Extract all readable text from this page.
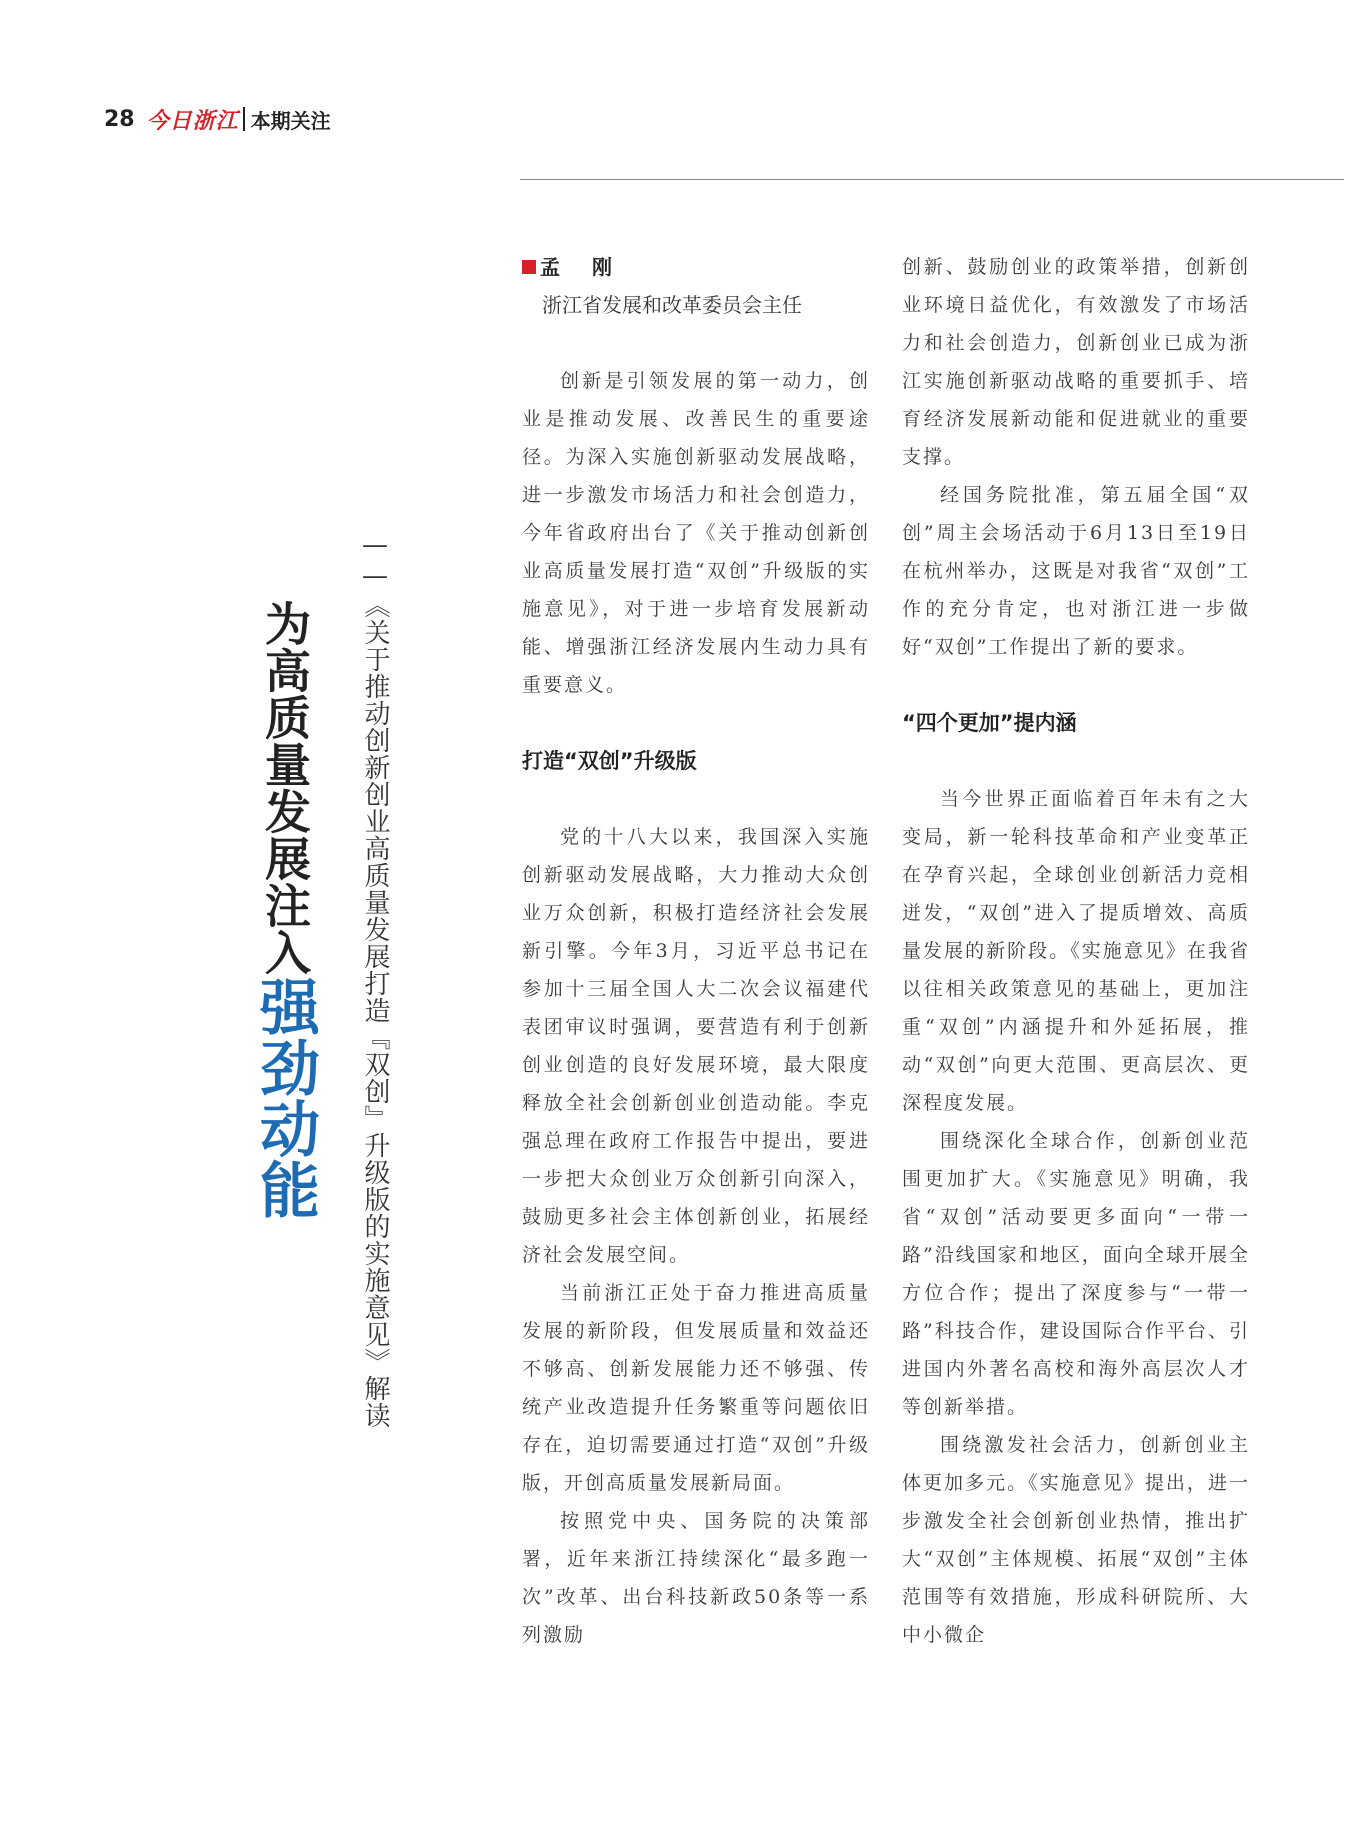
28 今日浙江 本期关注
为高质量发展注入强劲动能 ——《关于推动创新创业高质量发展打造『双创』升级版的实施意见》解读
孟　刚
浙江省发展和改革委员会主任

创新是引领发展的第一动力，创业是推动发展、改善民生的重要途径。为深入实施创新驱动发展战略，进一步激发市场活力和社会创造力，今年省政府出台了《关于推动创新创业高质量发展打造“双创”升级版的实施意见》，对于进一步培育发展新动能、增强浙江经济发展内生动力具有重要意义。

打造“双创”升级版

党的十八大以来，我国深入实施创新驱动发展战略，大力推动大众创业万众创新，积极打造经济社会发展新引擎。今年3月，习近平总书记在参加十三届全国人大二次会议福建代表团审议时强调，要营造有利于创新创业创造的良好发展环境，最大限度释放全社会创新创业创造动能。李克强总理在政府工作报告中提出，要进一步把大众创业万众创新引向深入，鼓励更多社会主体创新创业，拓展经济社会发展空间。

当前浙江正处于奋力推进高质量发展的新阶段，但发展质量和效益还不够高、创新发展能力还不够强、传统产业改造提升任务繁重等问题依旧存在，迫切需要通过打造“双创”升级版，开创高质量发展新局面。

按照党中央、国务院的决策部署，近年来浙江持续深化“最多跑一次”改革、出台科技新政50条等一系列激励

创新、鼓励创业的政策举措，创新创业环境日益优化，有效激发了市场活力和社会创造力，创新创业已成为浙江实施创新驱动战略的重要抓手、培育经济发展新动能和促进就业的重要支撑。

经国务院批准，第五届全国“双创”周主会场活动于6月13日至19日在杭州举办，这既是对我省“双创”工作的充分肯定，也对浙江进一步做好“双创”工作提出了新的要求。

“四个更加”提内涵

当今世界正面临着百年未有之大变局，新一轮科技革命和产业变革正在孕育兴起，全球创业创新活力竞相迸发，“双创”进入了提质增效、高质量发展的新阶段。《实施意见》在我省以往相关政策意见的基础上，更加注重“双创”内涵提升和外延拓展，推动“双创”向更大范围、更高层次、更深程度发展。

围绕深化全球合作，创新创业范围更加扩大。《实施意见》明确，我省“双创”活动要更多面向“一带一路”沿线国家和地区，面向全球开展全方位合作；提出了深度参与“一带一路”科技合作，建设国际合作平台、引进国内外著名高校和海外高层次人才等创新举措。

围绕激发社会活力，创新创业主体更加多元。《实施意见》提出，进一步激发全社会创新创业热情，推出扩大“双创”主体规模、拓展“双创”主体范围等有效措施，形成科研院所、大中小微企
